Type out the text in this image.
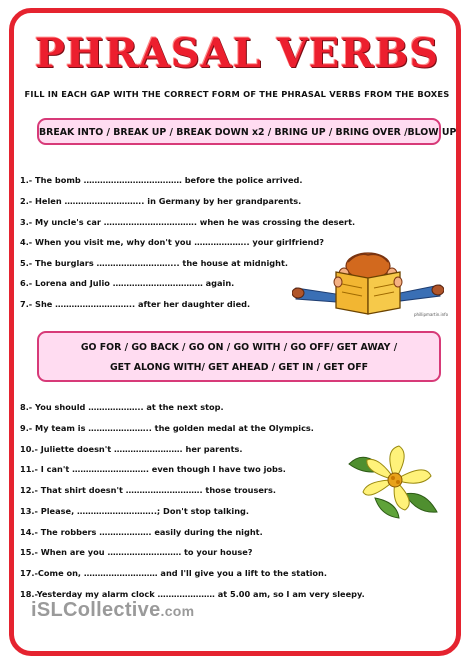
PHRASAL VERBS
FILL IN EACH GAP WITH THE CORRECT FORM OF THE PHRASAL VERBS FROM THE BOXES
BREAK INTO / BREAK UP / BREAK DOWN x2 / BRING UP / BRING OVER /BLOW UP
1.- The bomb ……………………………… before the police arrived.
2.- Helen ……………………….. in Germany by her grandparents.
3.- My uncle's car ……………………………. when he was crossing the desert.
4.- When you visit me, why don't you ……………….. your girlfriend?
5.- The burglars ………………………... the house at midnight.
6.- Lorena and Julio …………………………… again.
7.- She ……………………….. after her daughter died.
phillipmartin.info
GO FOR / GO BACK / GO ON / GO WITH / GO OFF/ GET AWAY /
GET ALONG WITH/ GET AHEAD / GET IN / GET OFF
8.- You should ……………….. at the next stop.
9.- My team is ………………….. the golden medal at the Olympics.
10.- Juliette doesn't ……………………. her parents.
11.- I can't ………………………. even though I have two jobs.
12.- That shirt doesn't ………………………. those trousers.
13.- Please, ………………………..; Don't stop talking.
14.- The robbers ………………. easily during the night.
15.- When are you ……………………… to your house?
17.-Come on, ……………………… and I'll give you a lift to the station.
18.-Yesterday my alarm clock ………………… at 5.00 am, so I am very sleepy.
iSLCollective.com
